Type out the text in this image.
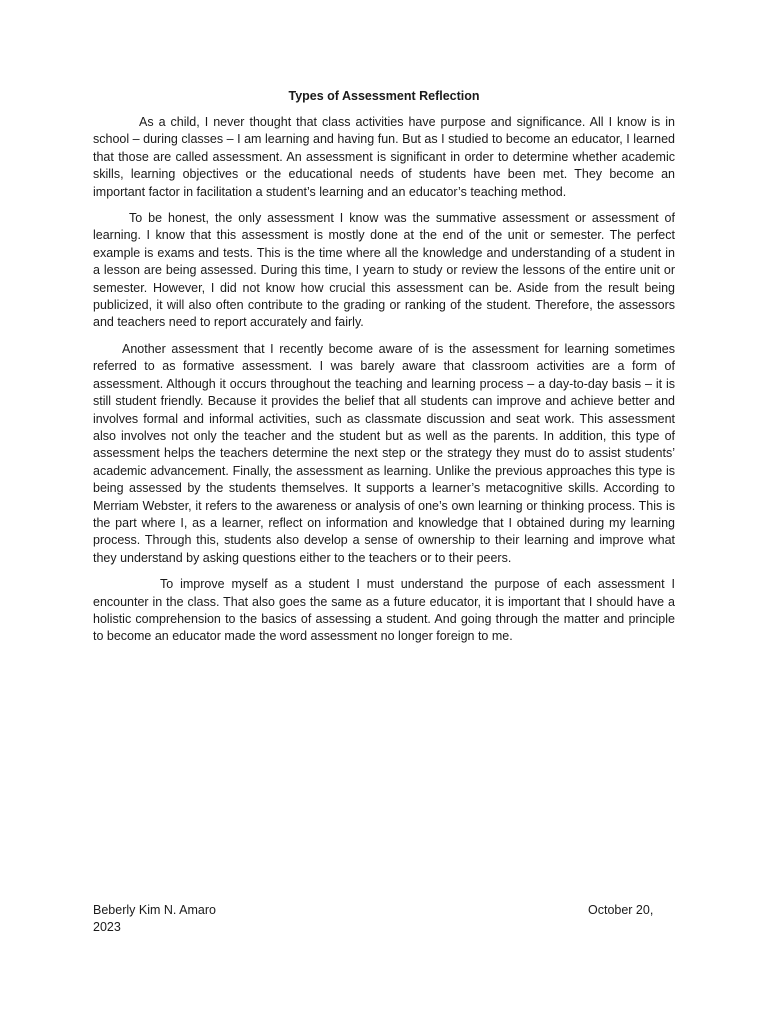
Types of Assessment Reflection

As a child, I never thought that class activities have purpose and significance. All I know is in school – during classes – I am learning and having fun. But as I studied to become an educator, I learned that those are called assessment. An assessment is significant in order to determine whether academic skills, learning objectives or the educational needs of students have been met. They become an important factor in facilitation a student’s learning and an educator’s teaching method.

To be honest, the only assessment I know was the summative assessment or assessment of learning. I know that this assessment is mostly done at the end of the unit or semester. The perfect example is exams and tests. This is the time where all the knowledge and understanding of a student in a lesson are being assessed. During this time, I yearn to study or review the lessons of the entire unit or semester. However, I did not know how crucial this assessment can be. Aside from the result being publicized, it will also often contribute to the grading or ranking of the student. Therefore, the assessors and teachers need to report accurately and fairly.

Another assessment that I recently become aware of is the assessment for learning sometimes referred to as formative assessment. I was barely aware that classroom activities are a form of assessment. Although it occurs throughout the teaching and learning process – a day-to-day basis – it is still student friendly. Because it provides the belief that all students can improve and achieve better and involves formal and informal activities, such as classmate discussion and seat work. This assessment also involves not only the teacher and the student but as well as the parents. In addition, this type of assessment helps the teachers determine the next step or the strategy they must do to assist students’ academic advancement. Finally, the assessment as learning. Unlike the previous approaches this type is being assessed by the students themselves. It supports a learner’s metacognitive skills. According to Merriam Webster, it refers to the awareness or analysis of one’s own learning or thinking process. This is the part where I, as a learner, reflect on information and knowledge that I obtained during my learning process. Through this, students also develop a sense of ownership to their learning and improve what they understand by asking questions either to the teachers or to their peers.

To improve myself as a student I must understand the purpose of each assessment I encounter in the class. That also goes the same as a future educator, it is important that I should have a holistic comprehension to the basics of assessing a student. And going through the matter and principle to become an educator made the word assessment no longer foreign to me.

Beberly Kim N. Amaro	October 20,
2023
